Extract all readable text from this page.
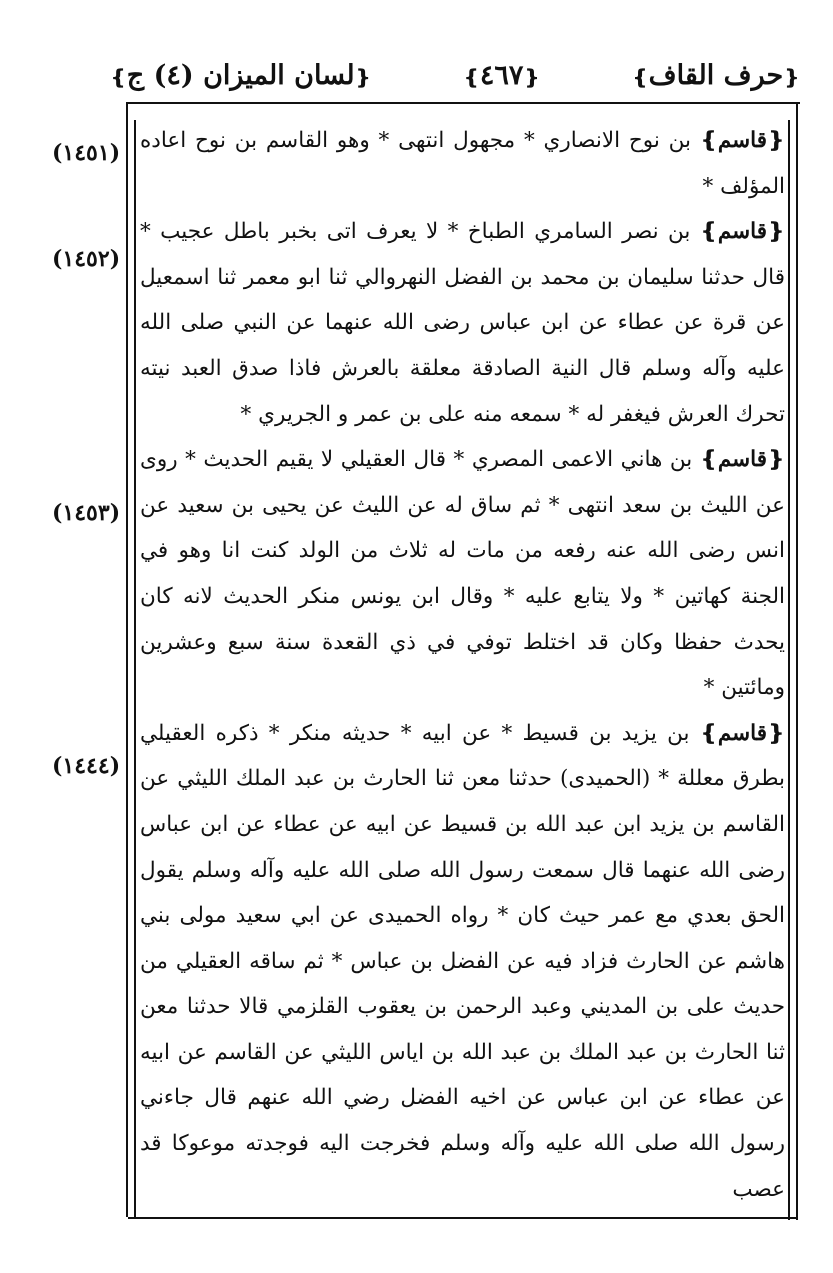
❴لسان الميزان (٤) ج❵	❴٤٦٧❵	❴حرف القاف❵
(١٤٥١)
(١٤٥٢)
(١٤٥٣)
(١٤٤٤)

❴قاسم❵ بن نوح الانصاري * مجهول انتهى * وهو القاسم بن نوح اعاده المؤلف *

❴قاسم❵ بن نصر السامري الطباخ * لا يعرف اتى بخبر باطل عجيب * قال حدثنا سليمان بن محمد بن الفضل النهروالي ثنا ابو معمر ثنا اسمعيل عن قرة عن عطاء عن ابن عباس رضى الله عنهما عن النبي صلى الله عليه وآله وسلم قال النية الصادقة معلقة بالعرش فاذا صدق العبد نيته تحرك العرش فيغفر له * سمعه منه على بن عمر و الجريري *

❴قاسم❵ بن هاني الاعمى المصري * قال العقيلي لا يقيم الحديث * روى عن الليث بن سعد انتهى * ثم ساق له عن الليث عن يحيى بن سعيد عن انس رضى الله عنه رفعه من مات له ثلاث من الولد كنت انا وهو في الجنة كهاتين * ولا يتابع عليه * وقال ابن يونس منكر الحديث لانه كان يحدث حفظا وكان قد اختلط توفي في ذي القعدة سنة سبع وعشرين ومائتين *

❴قاسم❵ بن يزيد بن قسيط * عن ابيه * حديثه منكر * ذكره العقيلي بطرق معللة * (الحميدى) حدثنا معن ثنا الحارث بن عبد الملك الليثي عن القاسم بن يزيد ابن عبد الله بن قسيط عن ابيه عن عطاء عن ابن عباس رضى الله عنهما قال سمعت رسول الله صلى الله عليه وآله وسلم يقول الحق بعدي مع عمر حيث كان * رواه الحميدى عن ابي سعيد مولى بني هاشم عن الحارث فزاد فيه عن الفضل بن عباس * ثم ساقه العقيلي من حديث على بن المديني وعبد الرحمن بن يعقوب القلزمي قالا حدثنا معن ثنا الحارث بن عبد الملك بن عبد الله بن اياس الليثي عن القاسم عن ابيه عن عطاء عن ابن عباس عن اخيه الفضل رضي الله عنهم قال جاءني رسول الله صلى الله عليه وآله وسلم فخرجت اليه فوجدته موعوكا قد عصب
